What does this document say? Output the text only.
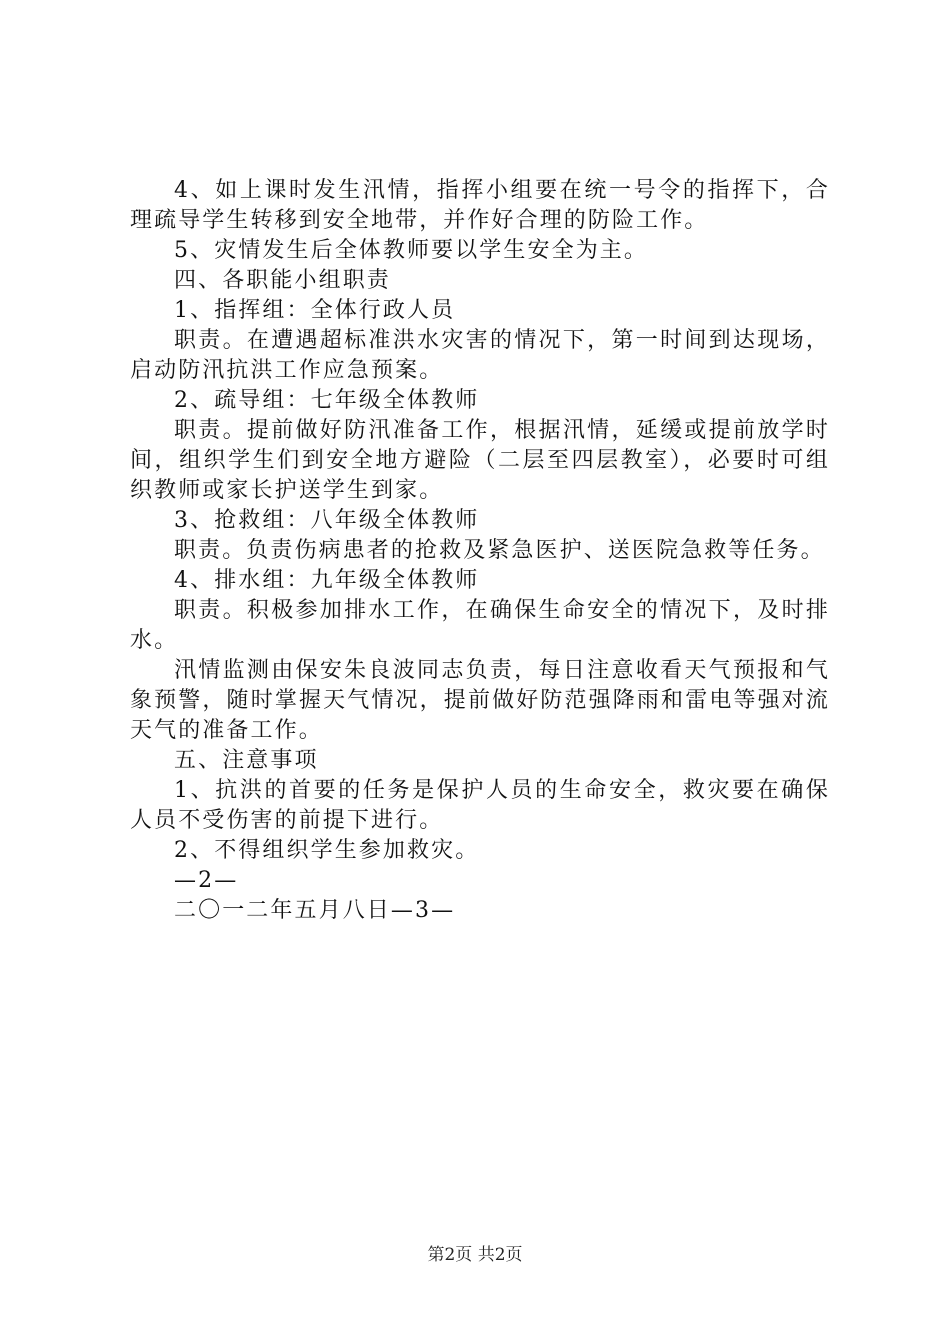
4、如上课时发生汛情，指挥小组要在统一号令的指挥下，合理疏导学生转移到安全地带，并作好合理的防险工作。

5、灾情发生后全体教师要以学生安全为主。

四、各职能小组职责

1、指挥组：全体行政人员

职责。在遭遇超标准洪水灾害的情况下，第一时间到达现场，启动防汛抗洪工作应急预案。

2、疏导组：七年级全体教师

职责。提前做好防汛准备工作，根据汛情，延缓或提前放学时间，组织学生们到安全地方避险（二层至四层教室），必要时可组织教师或家长护送学生到家。

3、抢救组：八年级全体教师

职责。负责伤病患者的抢救及紧急医护、送医院急救等任务。

4、排水组：九年级全体教师

职责。积极参加排水工作，在确保生命安全的情况下，及时排水。

汛情监测由保安朱良波同志负责，每日注意收看天气预报和气象预警，随时掌握天气情况，提前做好防范强降雨和雷电等强对流天气的准备工作。

五、注意事项

1、抗洪的首要的任务是保护人员的生命安全，救灾要在确保人员不受伤害的前提下进行。

2、不得组织学生参加救灾。

—2—

二〇一二年五月八日—3—

第2页 共2页
